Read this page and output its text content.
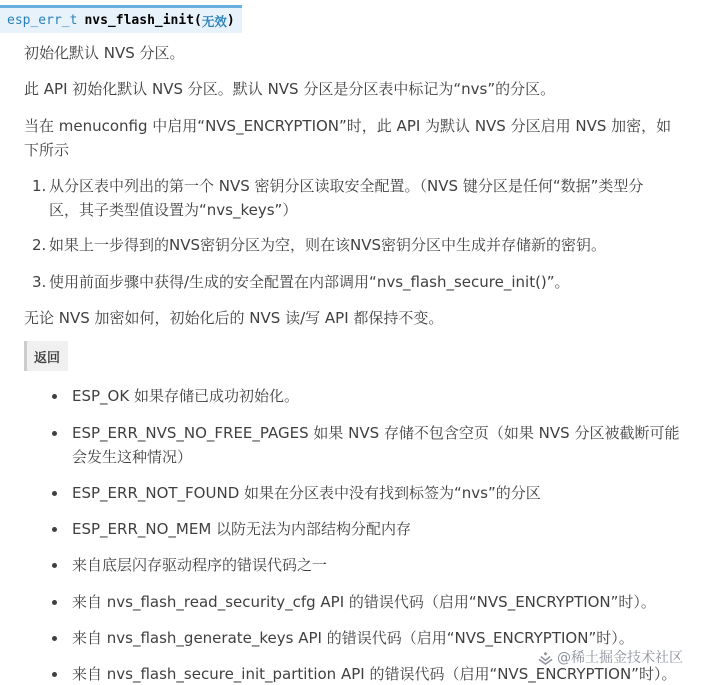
esp_err_t nvs_flash_init ( 无效 )
初始化默认 NVS 分区。
此 API 初始化默认 NVS 分区。默认 NVS 分区是分区表中标记为“nvs”的分区。
当在 menuconfig 中启用“NVS_ENCRYPTION”时，此 API 为默认 NVS 分区启用 NVS 加密，如
下所示
1. 从分区表中列出的第一个 NVS 密钥分区读取安全配置。（NVS 键分区是任何“数据”类型分
区，其子类型值设置为“nvs_keys”）
2. 如果上一步得到的NVS密钥分区为空，则在该NVS密钥分区中生成并存储新的密钥。
3. 使用前面步骤中获得/生成的安全配置在内部调用“nvs_flash_secure_init()”。
无论 NVS 加密如何，初始化后的 NVS 读/写 API 都保持不变。
返回
ESP_OK 如果存储已成功初始化。
ESP_ERR_NVS_NO_FREE_PAGES 如果 NVS 存储不包含空页（如果 NVS 分区被截断可能
会发生这种情况）
ESP_ERR_NOT_FOUND 如果在分区表中没有找到标签为“nvs”的分区
ESP_ERR_NO_MEM 以防无法为内部结构分配内存
来自底层闪存驱动程序的错误代码之一
来自 nvs_flash_read_security_cfg API 的错误代码（启用“NVS_ENCRYPTION”时）。
来自 nvs_flash_generate_keys API 的错误代码（启用“NVS_ENCRYPTION”时）。
来自 nvs_flash_secure_init_partition API 的错误代码（启用“NVS_ENCRYPTION”时）。
@稀土掘金技术社区
